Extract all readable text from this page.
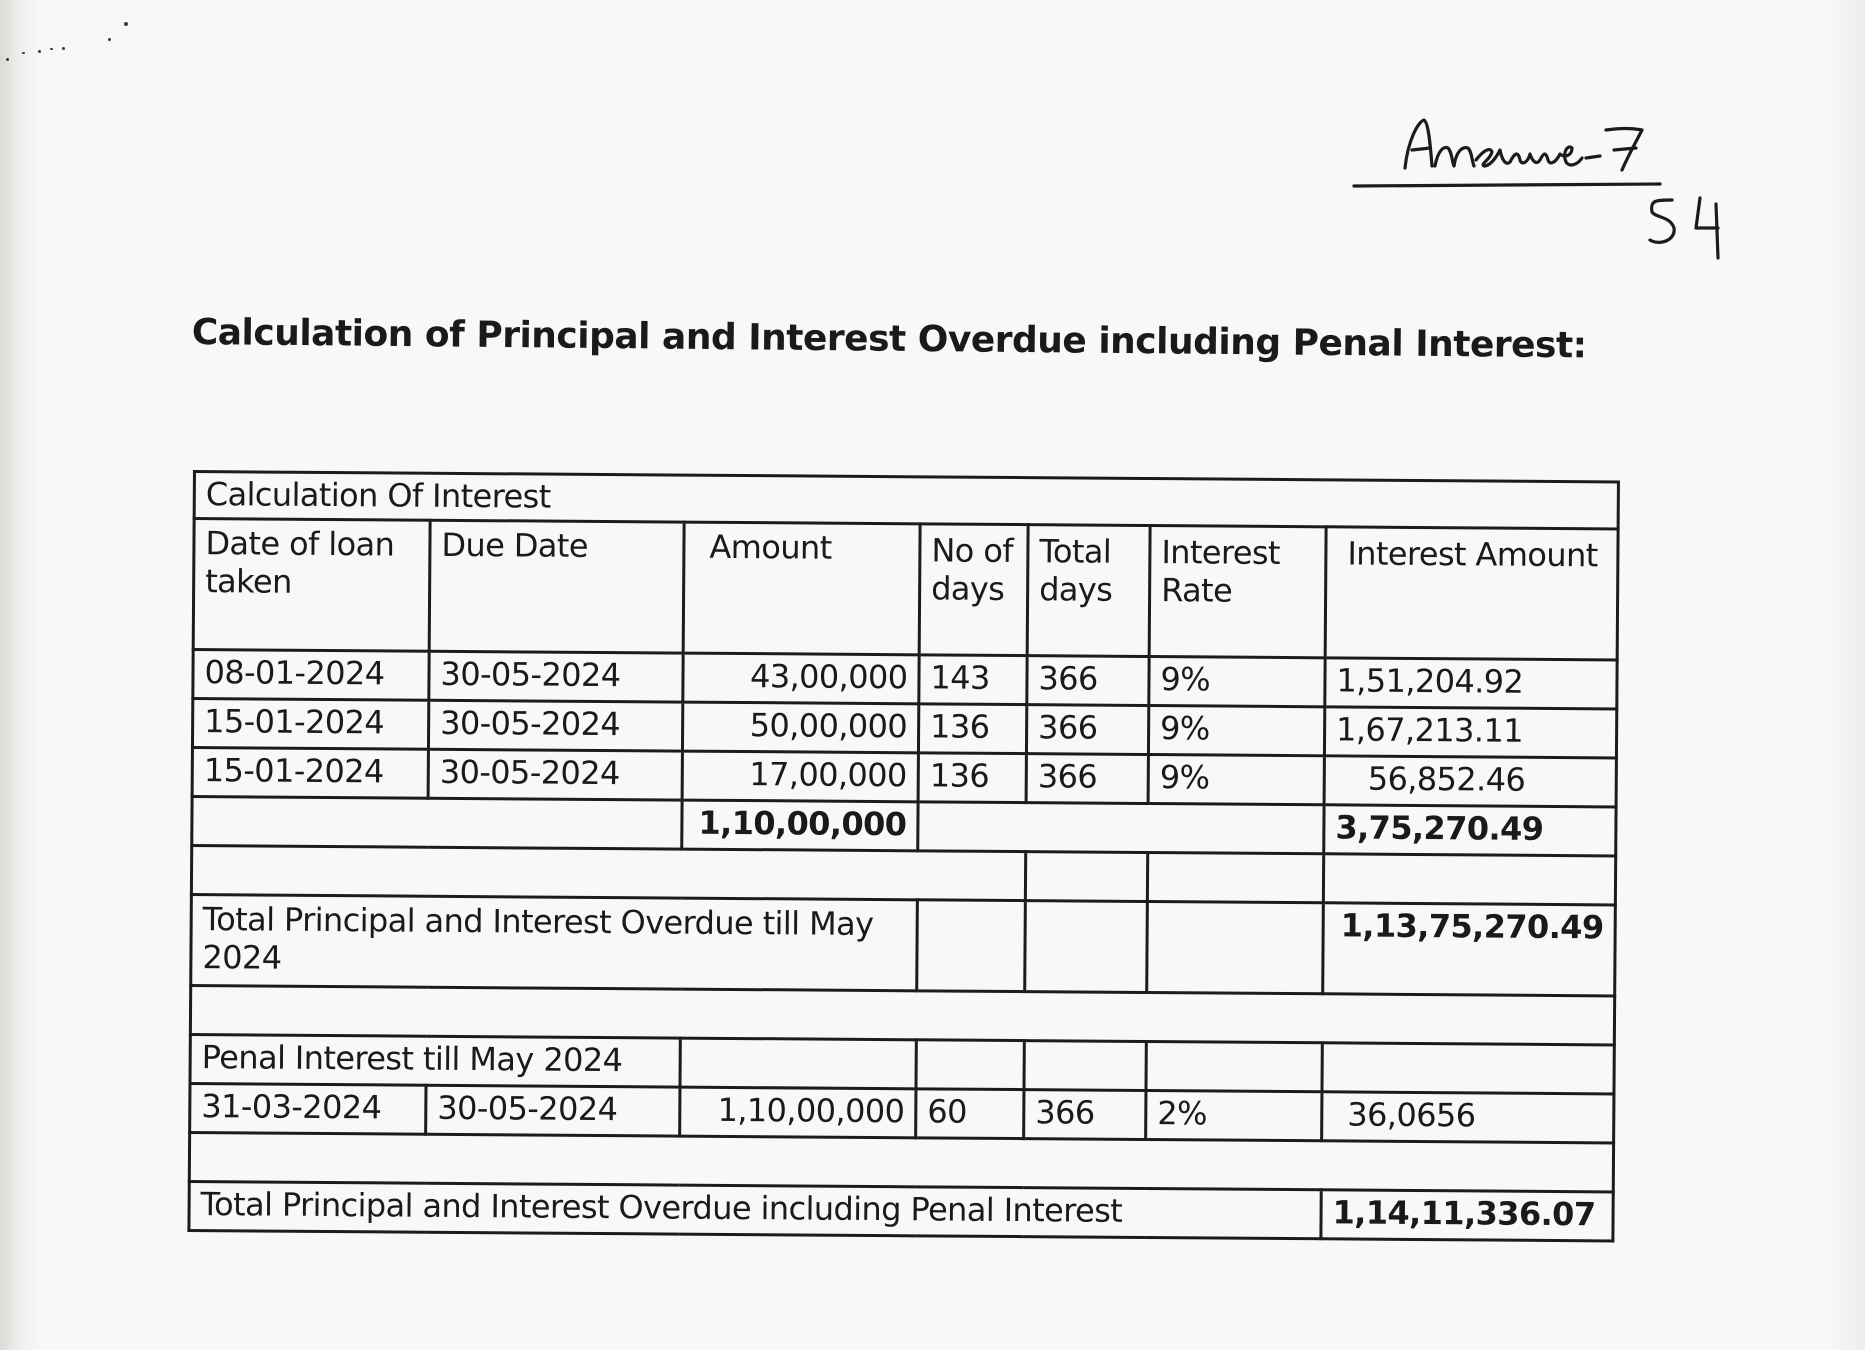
Calculation of Principal and Interest Overdue including Penal Interest:
Calculation Of Interest						
Date of loan taken	Due Date	Amount	No of days	Total days	Interest Rate	Interest Amount
08-01-2024	30-05-2024	43,00,000	143	366	9%	1,51,204.92
15-01-2024	30-05-2024	50,00,000	136	366	9%	1,67,213.11
15-01-2024	30-05-2024	17,00,000	136	366	9%	56,852.46
		1,10,00,000				3,75,270.49

Total Principal and Interest Overdue till May 2024						1,13,75,270.49

Penal Interest till May 2024						
31-03-2024	30-05-2024	1,10,00,000	60	366	2%	36,0656

Total Principal and Interest Overdue including Penal Interest						1,14,11,336.07
